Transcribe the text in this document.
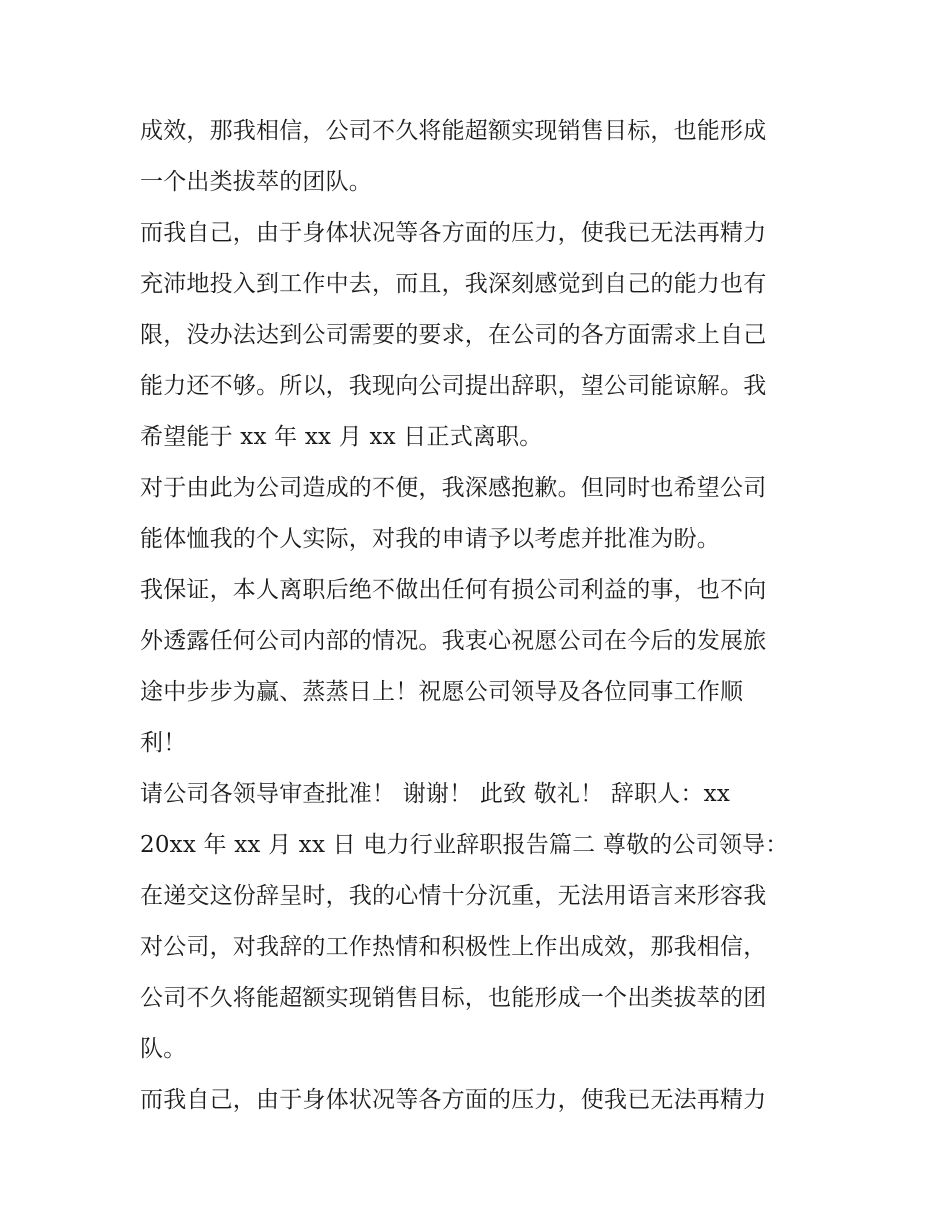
成效，那我相信，公司不久将能超额实现销售目标，也能形成
一个出类拔萃的团队。
而我自己，由于身体状况等各方面的压力，使我已无法再精力
充沛地投入到工作中去，而且，我深刻感觉到自己的能力也有
限，没办法达到公司需要的要求，在公司的各方面需求上自己
能力还不够。所以，我现向公司提出辞职，望公司能谅解。我
希望能于 xx 年 xx 月 xx 日正式离职。
对于由此为公司造成的不便，我深感抱歉。但同时也希望公司
能体恤我的个人实际，对我的申请予以考虑并批准为盼。
我保证，本人离职后绝不做出任何有损公司利益的事，也不向
外透露任何公司内部的情况。我衷心祝愿公司在今后的发展旅
途中步步为赢、蒸蒸日上！祝愿公司领导及各位同事工作顺
利！
请公司各领导审查批准！ 谢谢！ 此致 敬礼！ 辞职人：xx
20xx 年 xx 月 xx 日 电力行业辞职报告篇二 尊敬的公司领导：
在递交这份辞呈时，我的心情十分沉重，无法用语言来形容我
对公司，对我辞的工作热情和积极性上作出成效，那我相信，
公司不久将能超额实现销售目标，也能形成一个出类拔萃的团
队。
而我自己，由于身体状况等各方面的压力，使我已无法再精力
